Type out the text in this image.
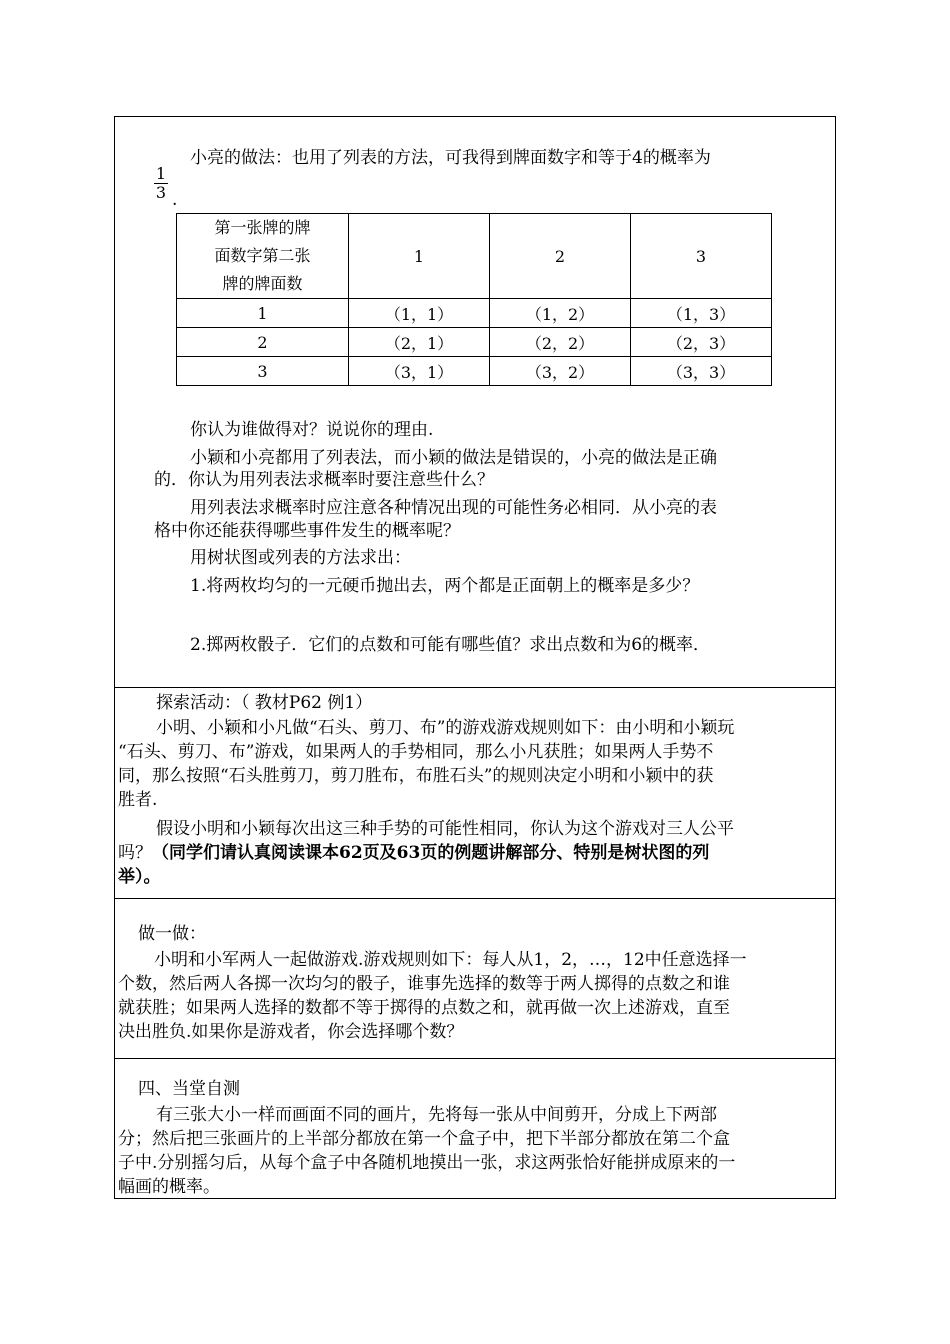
小亮的做法：也用了列表的方法，可我得到牌面数字和等于4的概率为
$\frac{1}{3}$ .
第一张牌的牌
面数字第二张
牌的牌面数	1	2	3
1	（1，1）	（1，2）	（1，3）
2	（2，1）	（2，2）	（2，3）
3	（3，1）	（3，2）	（3，3）
你认为谁做得对？说说你的理由.
小颖和小亮都用了列表法，而小颖的做法是错误的，小亮的做法是正确
的．你认为用列表法求概率时要注意些什么？
用列表法求概率时应注意各种情况出现的可能性务必相同．从小亮的表
格中你还能获得哪些事件发生的概率呢？
用树状图或列表的方法求出：
1.将两枚均匀的一元硬币抛出去，两个都是正面朝上的概率是多少？
2.掷两枚骰子．它们的点数和可能有哪些值？求出点数和为6的概率．
探索活动：（ 教材P62 例1）
小明、小颖和小凡做“石头、剪刀、布”的游戏游戏规则如下：由小明和小颖玩
“石头、剪刀、布”游戏，如果两人的手势相同，那么小凡获胜；如果两人手势不
同，那么按照“石头胜剪刀，剪刀胜布，布胜石头”的规则决定小明和小颖中的获
胜者.
假设小明和小颖每次出这三种手势的可能性相同，你认为这个游戏对三人公平
吗？（同学们请认真阅读课本62页及63页的例题讲解部分、特别是树状图的列
举）。
做一做：
小明和小军两人一起做游戏.游戏规则如下：每人从1，2，…，12中任意选择一
个数，然后两人各掷一次均匀的骰子，谁事先选择的数等于两人掷得的点数之和谁
就获胜；如果两人选择的数都不等于掷得的点数之和，就再做一次上述游戏，直至
决出胜负.如果你是游戏者，你会选择哪个数？
四、当堂自测
有三张大小一样而画面不同的画片，先将每一张从中间剪开，分成上下两部
分；然后把三张画片的上半部分都放在第一个盒子中，把下半部分都放在第二个盒
子中.分别摇匀后，从每个盒子中各随机地摸出一张，求这两张恰好能拼成原来的一
幅画的概率。
